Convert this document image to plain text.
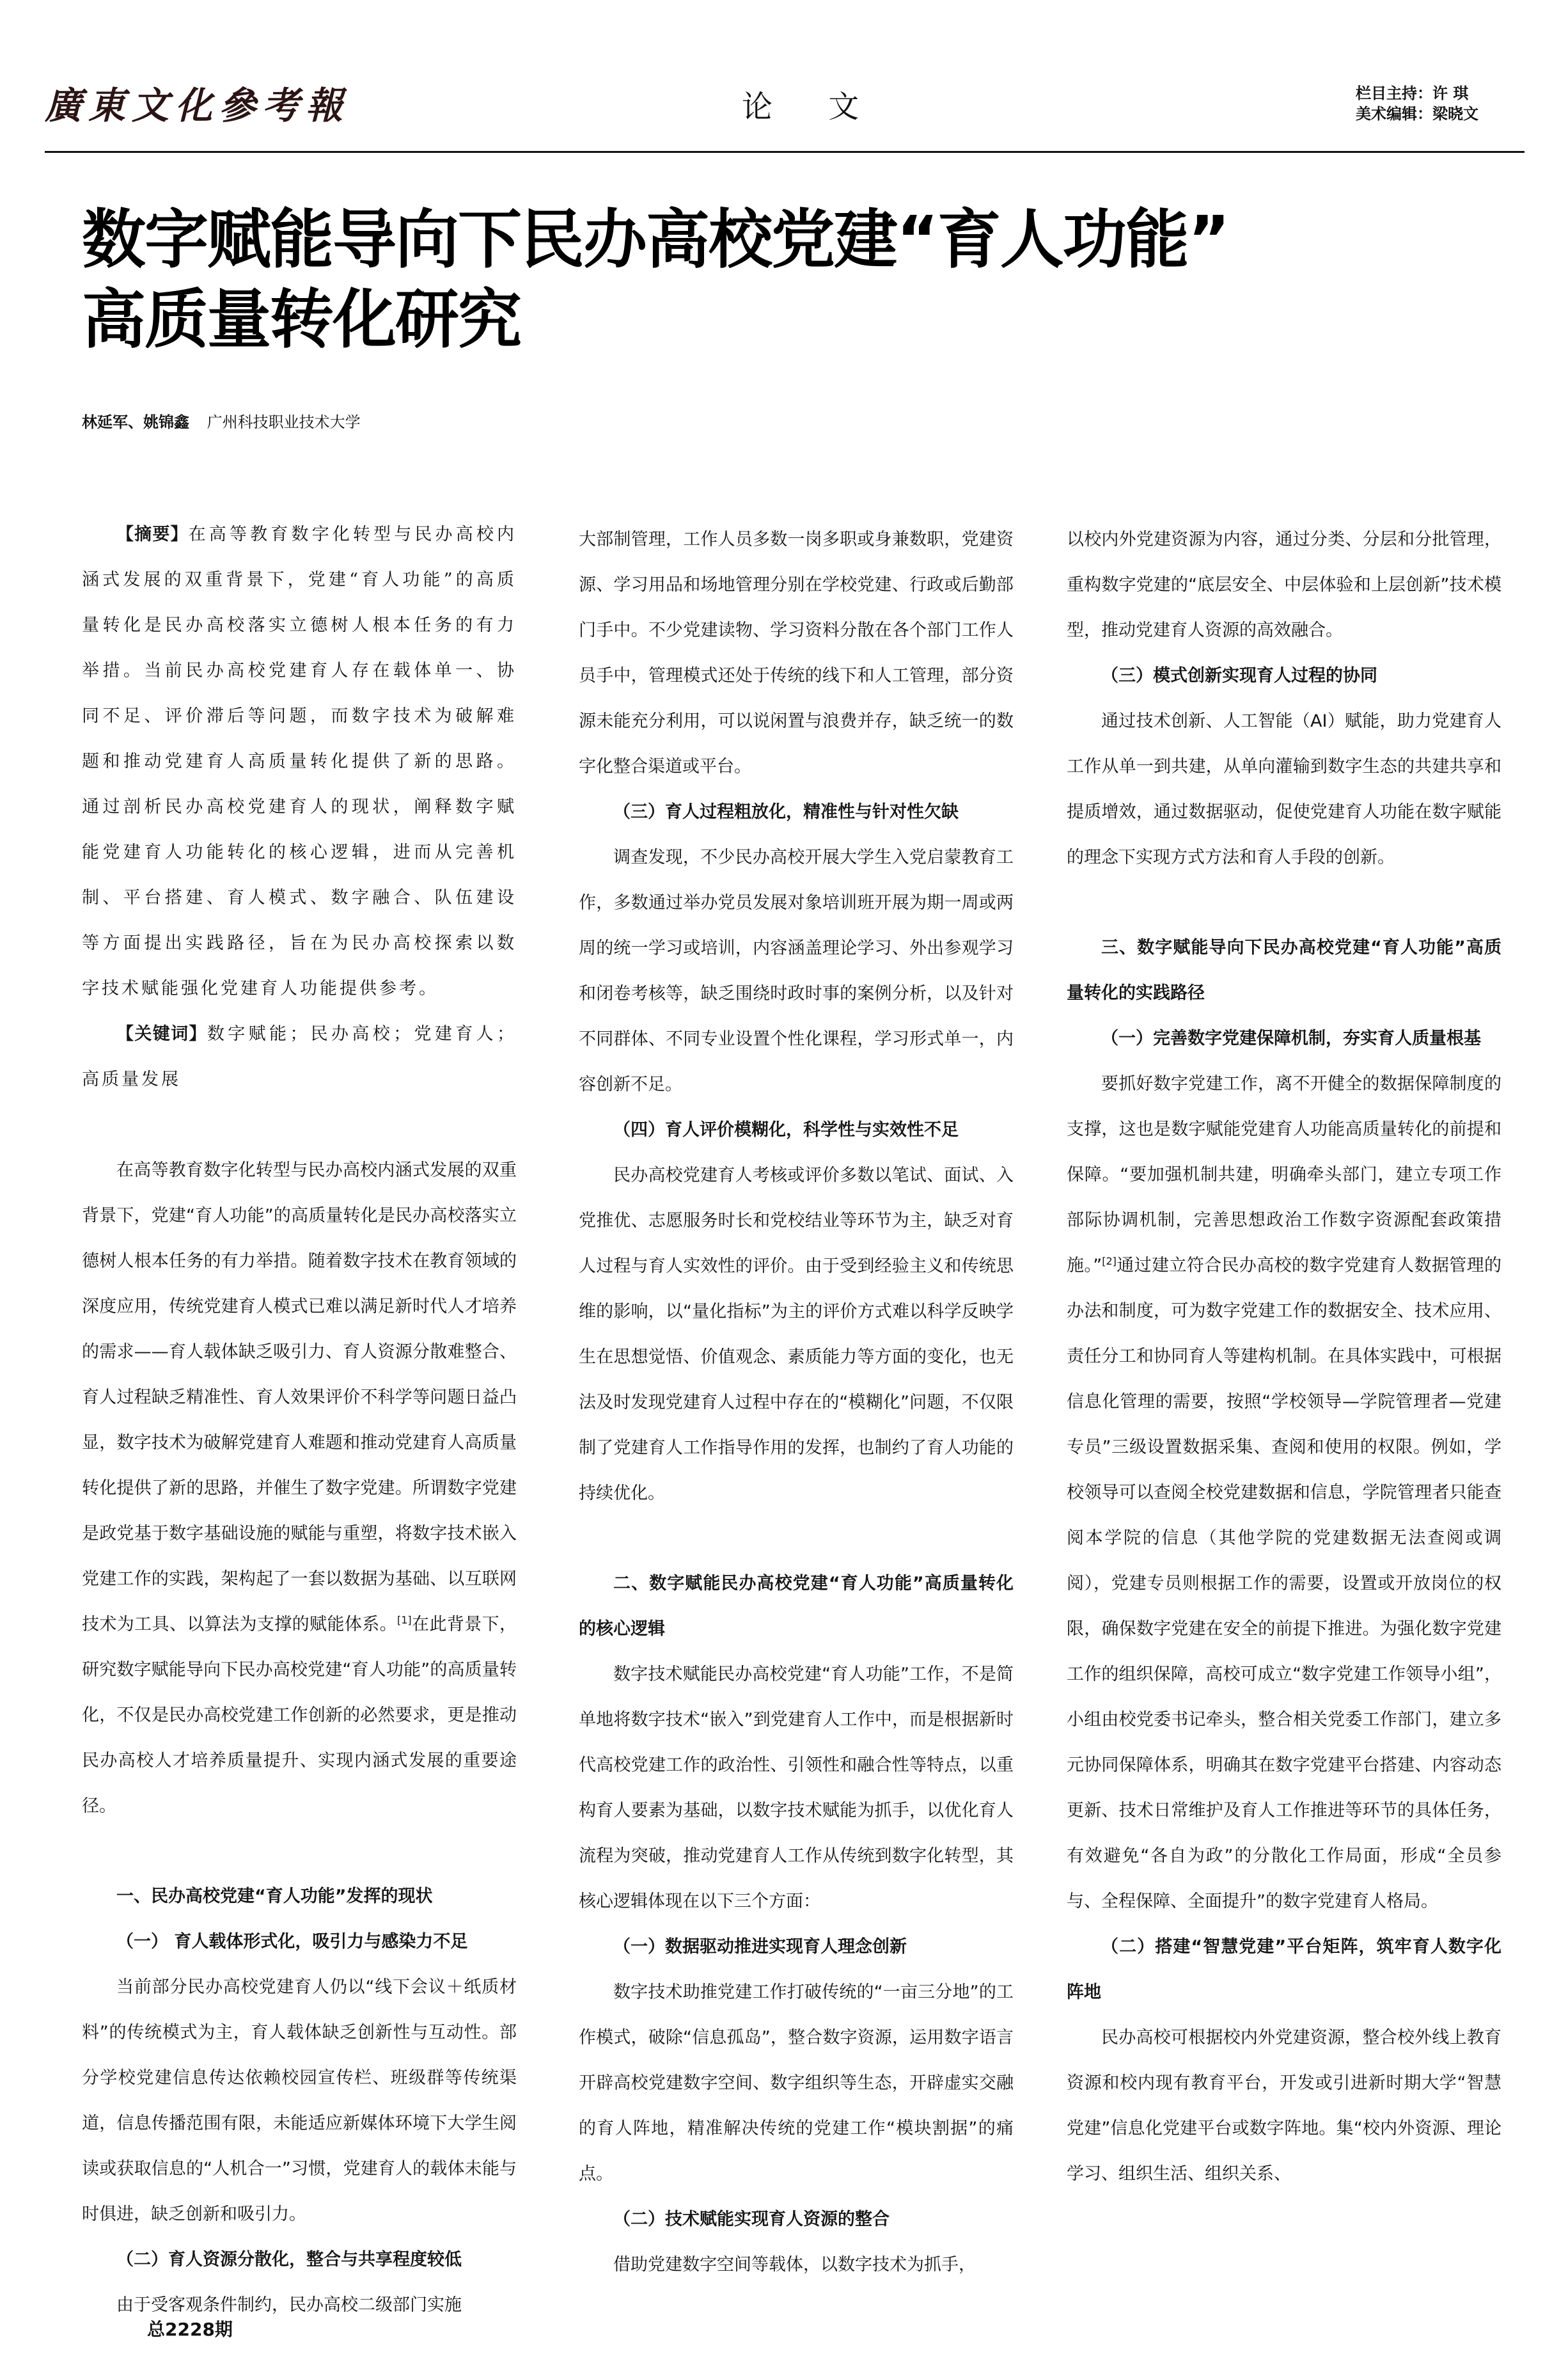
廣東文化參考報	论 文	栏目主持：许 琪
美术编辑：梁晓文
数字赋能导向下民办高校党建“育人功能”
高质量转化研究
林延军、姚锦鑫 广州科技职业技术大学

【摘要】在高等教育数字化转型与民办高校内涵式发展的双重背景下，党建“育人功能”的高质量转化是民办高校落实立德树人根本任务的有力举措。当前民办高校党建育人存在载体单一、协同不足、评价滞后等问题，而数字技术为破解难题和推动党建育人高质量转化提供了新的思路。通过剖析民办高校党建育人的现状，阐释数字赋能党建育人功能转化的核心逻辑，进而从完善机制、平台搭建、育人模式、数字融合、队伍建设等方面提出实践路径，旨在为民办高校探索以数字技术赋能强化党建育人功能提供参考。

【关键词】数字赋能；民办高校；党建育人；高质量发展

在高等教育数字化转型与民办高校内涵式发展的双重背景下，党建“育人功能”的高质量转化是民办高校落实立德树人根本任务的有力举措。随着数字技术在教育领域的深度应用，传统党建育人模式已难以满足新时代人才培养的需求——育人载体缺乏吸引力、育人资源分散难整合、育人过程缺乏精准性、育人效果评价不科学等问题日益凸显，数字技术为破解党建育人难题和推动党建育人高质量转化提供了新的思路，并催生了数字党建。所谓数字党建是政党基于数字基础设施的赋能与重塑，将数字技术嵌入党建工作的实践，架构起了一套以数据为基础、以互联网技术为工具、以算法为支撑的赋能体系。[1]在此背景下，研究数字赋能导向下民办高校党建“育人功能”的高质量转化，不仅是民办高校党建工作创新的必然要求，更是推动民办高校人才培养质量提升、实现内涵式发展的重要途径。

一、民办高校党建“育人功能”发挥的现状

（一） 育人载体形式化，吸引力与感染力不足

当前部分民办高校党建育人仍以“线下会议＋纸质材料”的传统模式为主，育人载体缺乏创新性与互动性。部分学校党建信息传达依赖校园宣传栏、班级群等传统渠道，信息传播范围有限，未能适应新媒体环境下大学生阅读或获取信息的“人机合一”习惯，党建育人的载体未能与时俱进，缺乏创新和吸引力。

（二）育人资源分散化，整合与共享程度较低

由于受客观条件制约，民办高校二级部门实施

大部制管理，工作人员多数一岗多职或身兼数职，党建资源、学习用品和场地管理分别在学校党建、行政或后勤部门手中。不少党建读物、学习资料分散在各个部门工作人员手中，管理模式还处于传统的线下和人工管理，部分资源未能充分利用，可以说闲置与浪费并存，缺乏统一的数字化整合渠道或平台。

（三）育人过程粗放化，精准性与针对性欠缺

调查发现，不少民办高校开展大学生入党启蒙教育工作，多数通过举办党员发展对象培训班开展为期一周或两周的统一学习或培训，内容涵盖理论学习、外出参观学习和闭卷考核等，缺乏围绕时政时事的案例分析，以及针对不同群体、不同专业设置个性化课程，学习形式单一，内容创新不足。

（四）育人评价模糊化，科学性与实效性不足

民办高校党建育人考核或评价多数以笔试、面试、入党推优、志愿服务时长和党校结业等环节为主，缺乏对育人过程与育人实效性的评价。由于受到经验主义和传统思维的影响，以“量化指标”为主的评价方式难以科学反映学生在思想觉悟、价值观念、素质能力等方面的变化，也无法及时发现党建育人过程中存在的“模糊化”问题，不仅限制了党建育人工作指导作用的发挥，也制约了育人功能的持续优化。

二、数字赋能民办高校党建“育人功能”高质量转化的核心逻辑

数字技术赋能民办高校党建“育人功能”工作，不是简单地将数字技术“嵌入”到党建育人工作中，而是根据新时代高校党建工作的政治性、引领性和融合性等特点，以重构育人要素为基础，以数字技术赋能为抓手，以优化育人流程为突破，推动党建育人工作从传统到数字化转型，其核心逻辑体现在以下三个方面：

（一）数据驱动推进实现育人理念创新

数字技术助推党建工作打破传统的“一亩三分地”的工作模式，破除“信息孤岛”，整合数字资源，运用数字语言开辟高校党建数字空间、数字组织等生态，开辟虚实交融的育人阵地，精准解决传统的党建工作“模块割据”的痛点。

（二）技术赋能实现育人资源的整合

借助党建数字空间等载体，以数字技术为抓手，

以校内外党建资源为内容，通过分类、分层和分批管理，重构数字党建的“底层安全、中层体验和上层创新”技术模型，推动党建育人资源的高效融合。

（三）模式创新实现育人过程的协同

通过技术创新、人工智能（AI）赋能，助力党建育人工作从单一到共建，从单向灌输到数字生态的共建共享和提质增效，通过数据驱动，促使党建育人功能在数字赋能的理念下实现方式方法和育人手段的创新。

三、数字赋能导向下民办高校党建“育人功能”高质量转化的实践路径

（一）完善数字党建保障机制，夯实育人质量根基

要抓好数字党建工作，离不开健全的数据保障制度的支撑，这也是数字赋能党建育人功能高质量转化的前提和保障。“要加强机制共建，明确牵头部门，建立专项工作部际协调机制，完善思想政治工作数字资源配套政策措施。”[2]通过建立符合民办高校的数字党建育人数据管理的办法和制度，可为数字党建工作的数据安全、技术应用、责任分工和协同育人等建构机制。在具体实践中，可根据信息化管理的需要，按照“学校领导—学院管理者—党建专员”三级设置数据采集、查阅和使用的权限。例如，学校领导可以查阅全校党建数据和信息，学院管理者只能查阅本学院的信息（其他学院的党建数据无法查阅或调阅），党建专员则根据工作的需要，设置或开放岗位的权限，确保数字党建在安全的前提下推进。为强化数字党建工作的组织保障，高校可成立“数字党建工作领导小组”，小组由校党委书记牵头，整合相关党委工作部门，建立多元协同保障体系，明确其在数字党建平台搭建、内容动态更新、技术日常维护及育人工作推进等环节的具体任务，有效避免“各自为政”的分散化工作局面，形成“全员参与、全程保障、全面提升”的数字党建育人格局。

（二）搭建“智慧党建”平台矩阵，筑牢育人数字化阵地

民办高校可根据校内外党建资源，整合校外线上教育资源和校内现有教育平台，开发或引进新时期大学“智慧党建”信息化党建平台或数字阵地。集“校内外资源、理论学习、组织生活、组织关系、

总2228期
